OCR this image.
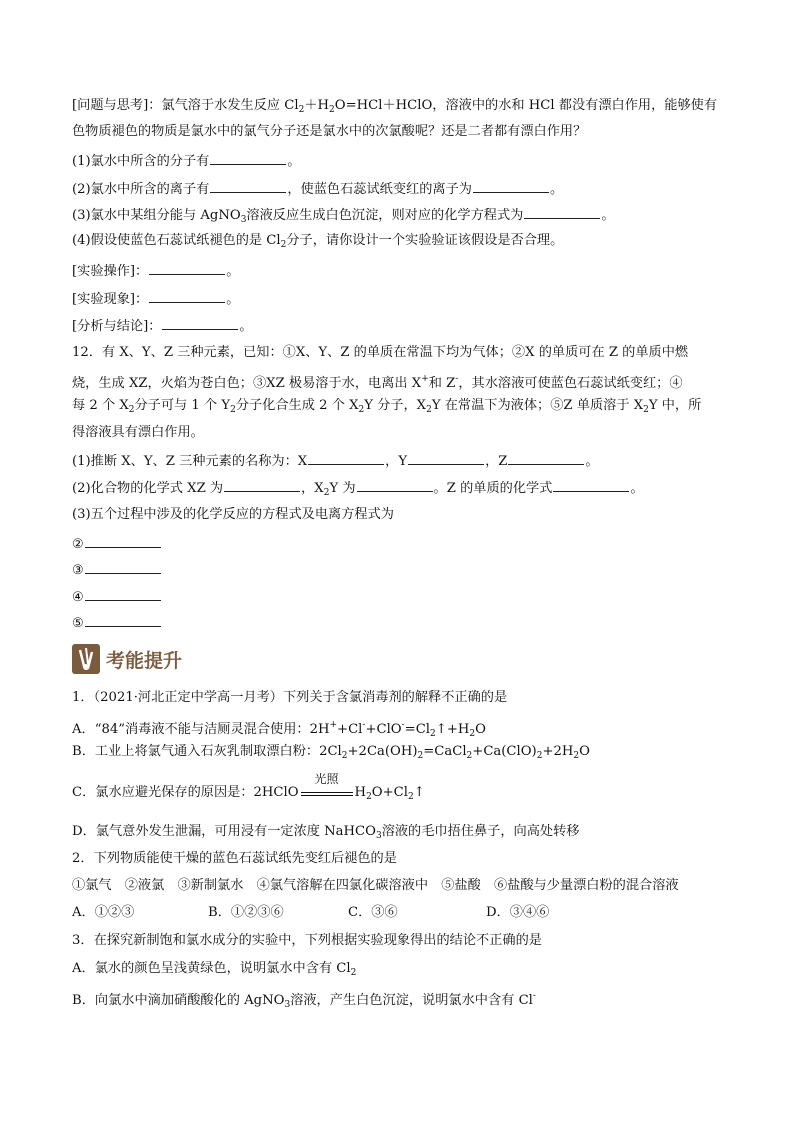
[问题与思考]：氯气溶于水发生反应 $Cl_2+H_2O=HCl+HClO$，溶液中的水和 HCl 都没有漂白作用，能够使有
色物质褪色的物质是氯水中的氯气分子还是氯水中的次氯酸呢？还是二者都有漂白作用？
(1)氯水中所含的分子有	。
(2)氯水中所含的离子有	，使蓝色石蕊试纸变红的离子为	。
(3)氯水中某组分能与 AgNO$_3$溶液反应生成白色沉淀，则对应的化学方程式为	。
(4)假设使蓝色石蕊试纸褪色的是 $Cl_2$分子，请你设计一个实验验证该假设是否合理。
[实验操作]：	。
[实验现象]：	。
[分析与结论]：	。
12．有 X、Y、Z 三种元素，已知：①X、Y、Z 的单质在常温下均为气体；②X 的单质可在 Z 的单质中燃
烧，生成 XZ，火焰为苍白色；③XZ 极易溶于水，电离出 X+和 Z-，其水溶液可使蓝色石蕊试纸变红；④
每 2 个 $X_2$分子可与 1 个 $Y_2$分子化合生成 2 个 $X_2Y$ 分子，$X_2Y$ 在常温下为液体；⑤Z 单质溶于 $X_2Y$ 中，所
得溶液具有漂白作用。
(1)推断 X、Y、Z 三种元素的名称为：X	，Y	，Z	。
(2)化合物的化学式 XZ 为	，$X_2Y$ 为	。Z 的单质的化学式	。
(3)五个过程中涉及的化学反应的方程式及电离方程式为
②
③
④
⑤
考能提升
1．（2021·河北正定中学高一月考）下列关于含氯消毒剂的解释不正确的是
A．“84”消毒液不能与洁厕灵混合使用：$2H^++Cl^-+ClO^-=Cl_2↑+H_2O$
B．工业上将氯气通入石灰乳制取漂白粉：$2Cl_2+2Ca(OH)_2=CaCl_2+Ca(ClO)_2+2H_2O$
C．氯水应避光保存的原因是：2HClO
光照
$H_2O+Cl_2↑$
D．氯气意外发生泄漏，可用浸有一定浓度 NaHCO$_3$溶液的毛巾捂住鼻子，向高处转移
2．下列物质能使干燥的蓝色石蕊试纸先变红后褪色的是
①氯气　②液氯　③新制氯水　④氯气溶解在四氯化碳溶液中　⑤盐酸　⑥盐酸与少量漂白粉的混合溶液
A．①②③	B．①②③⑥	C．③⑥	D．③④⑥
3．在探究新制饱和氯水成分的实验中，下列根据实验现象得出的结论不正确的是
A．氯水的颜色呈浅黄绿色，说明氯水中含有 $Cl_2$
B．向氯水中滴加硝酸酸化的 AgNO$_3$溶液，产生白色沉淀，说明氯水中含有 Cl-
